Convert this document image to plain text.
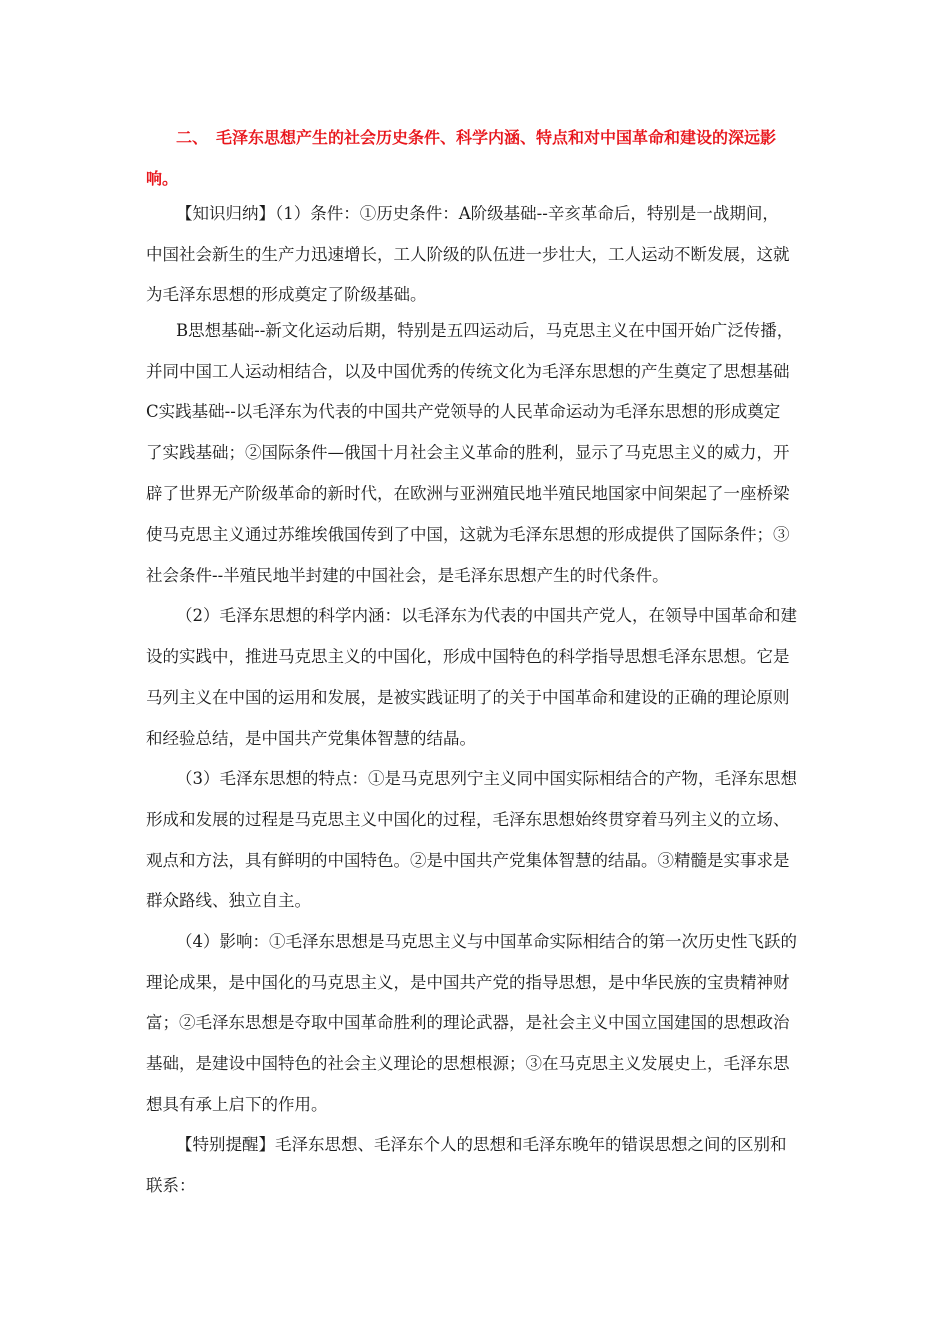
二、 毛泽东思想产生的社会历史条件、科学内涵、特点和对中国革命和建设的深远影
响。
【知识归纳】（1）条件：①历史条件：A阶级基础--辛亥革命后，特别是一战期间，
中国社会新生的生产力迅速增长，工人阶级的队伍进一步壮大，工人运动不断发展，这就
为毛泽东思想的形成奠定了阶级基础。
B思想基础--新文化运动后期，特别是五四运动后，马克思主义在中国开始广泛传播，
并同中国工人运动相结合，以及中国优秀的传统文化为毛泽东思想的产生奠定了思想基础
C实践基础--以毛泽东为代表的中国共产党领导的人民革命运动为毛泽东思想的形成奠定
了实践基础；②国际条件—俄国十月社会主义革命的胜利，显示了马克思主义的威力，开
辟了世界无产阶级革命的新时代，在欧洲与亚洲殖民地半殖民地国家中间架起了一座桥梁
使马克思主义通过苏维埃俄国传到了中国，这就为毛泽东思想的形成提供了国际条件；③
社会条件--半殖民地半封建的中国社会，是毛泽东思想产生的时代条件。
（2）毛泽东思想的科学内涵：以毛泽东为代表的中国共产党人，在领导中国革命和建
设的实践中，推进马克思主义的中国化，形成中国特色的科学指导思想毛泽东思想。它是
马列主义在中国的运用和发展，是被实践证明了的关于中国革命和建设的正确的理论原则
和经验总结，是中国共产党集体智慧的结晶。
（3）毛泽东思想的特点：①是马克思列宁主义同中国实际相结合的产物，毛泽东思想
形成和发展的过程是马克思主义中国化的过程，毛泽东思想始终贯穿着马列主义的立场、
观点和方法，具有鲜明的中国特色。②是中国共产党集体智慧的结晶。③精髓是实事求是
群众路线、独立自主。
（4）影响：①毛泽东思想是马克思主义与中国革命实际相结合的第一次历史性飞跃的
理论成果，是中国化的马克思主义，是中国共产党的指导思想，是中华民族的宝贵精神财
富；②毛泽东思想是夺取中国革命胜利的理论武器，是社会主义中国立国建国的思想政治
基础，是建设中国特色的社会主义理论的思想根源；③在马克思主义发展史上，毛泽东思
想具有承上启下的作用。
【特别提醒】毛泽东思想、毛泽东个人的思想和毛泽东晚年的错误思想之间的区别和
联系：
